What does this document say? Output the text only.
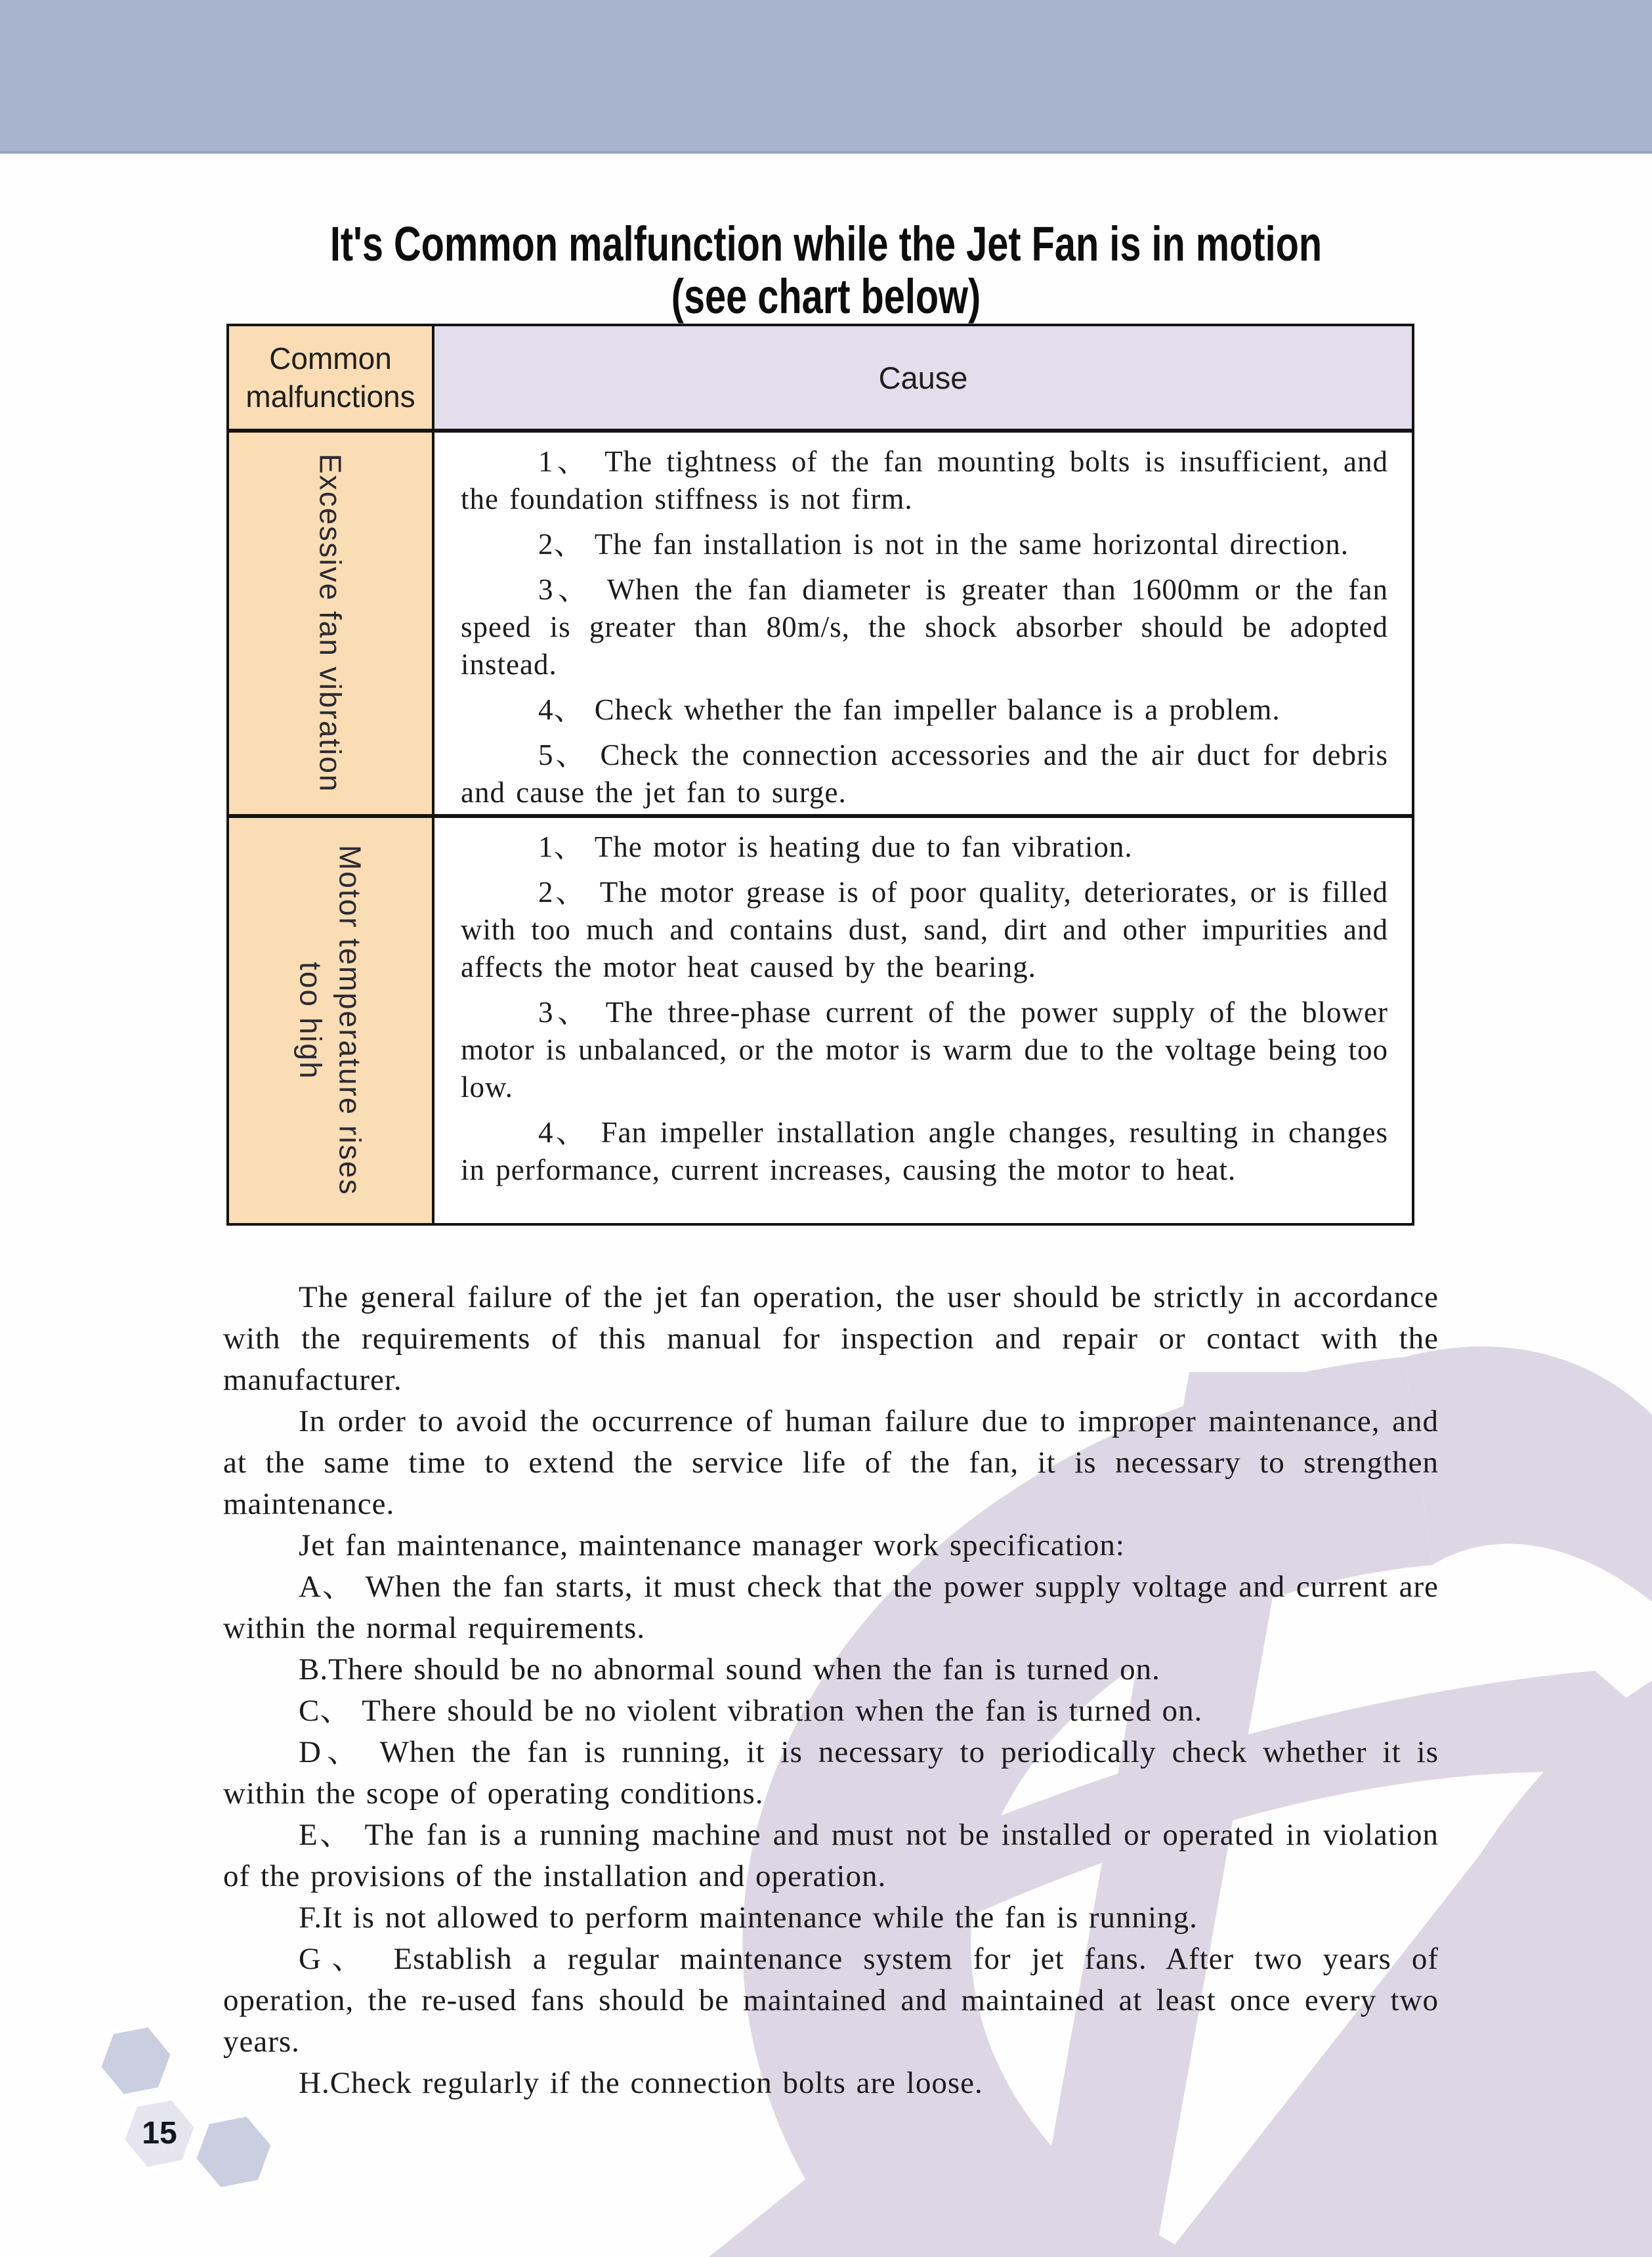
It's Common malfunction while the Jet Fan is in motion
(see chart below)
Common malfunctions
Cause
Excessive fan vibration	1、 The tightness of the fan mounting bolts is insufficient, and the foundation stiffness is not firm.
2、 The fan installation is not in the same horizontal direction.
3、 When the fan diameter is greater than 1600mm or the fan speed is greater than 80m/s, the shock absorber should be adopted instead.
4、 Check whether the fan impeller balance is a problem.
5、 Check the connection accessories and the air duct for debris and cause the jet fan to surge.
Motor temperature rises
too high
1、 The motor is heating due to fan vibration.
2、 The motor grease is of poor quality, deteriorates, or is filled with too much and contains dust, sand, dirt and other impurities and affects the motor heat caused by the bearing.
3、 The three-phase current of the power supply of the blower motor is unbalanced, or the motor is warm due to the voltage being too low.
4、 Fan impeller installation angle changes, resulting in changes in performance, current increases, causing the motor to heat.

The general failure of the jet fan operation, the user should be strictly in accordance with the requirements of this manual for inspection and repair or contact with the manufacturer.

In order to avoid the occurrence of human failure due to improper maintenance, and at the same time to extend the service life of the fan, it is necessary to strengthen maintenance.

Jet fan maintenance, maintenance manager work specification:

A、 When the fan starts, it must check that the power supply voltage and current are within the normal requirements.

B.There should be no abnormal sound when the fan is turned on.

C、 There should be no violent vibration when the fan is turned on.

D、 When the fan is running, it is necessary to periodically check whether it is within the scope of operating conditions.

E、 The fan is a running machine and must not be installed or operated in violation of the provisions of the installation and operation.

F.It is not allowed to perform maintenance while the fan is running.

G、 Establish a regular maintenance system for jet fans. After two years of operation, the re-used fans should be maintained and maintained at least once every two years.

H.Check regularly if the connection bolts are loose.

15
